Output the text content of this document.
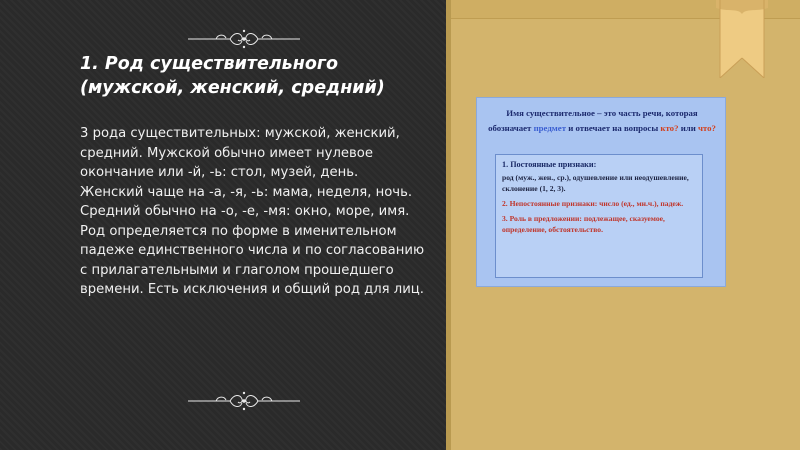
1. Род существительного (мужской, женский, средний)
3 рода существительных: мужской, женский, средний. Мужской обычно имеет нулевое окончание или -й, -ь: стол, музей, день. Женский чаще на -а, -я, -ь: мама, неделя, ночь. Средний обычно на -о, -е, -мя: окно, море, имя. Род определяется по форме в именительном падеже единственного числа и по согласованию с прилагательными и глаголом прошедшего времени. Есть исключения и общий род для лиц.
Имя существительное – это часть речи, которая обозначает предмет и отвечает на вопросы кто? или что?

1. Постоянные признаки:

род (муж., жен., ср.), одушевление или неодушевление, склонение (1, 2, 3).

2. Непостоянные признаки: число (ед., мн.ч.), падеж.

3. Роль в предложении: подлежащее, сказуемое, определение, обстоятельство.
